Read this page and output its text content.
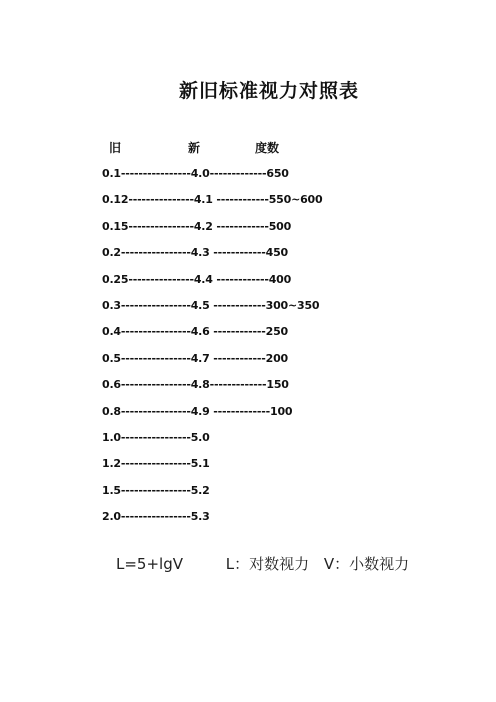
新旧标准视力对照表
旧	新	度数
0.1----------------4.0-------------650
0.12---------------4.1 ------------550~600
0.15---------------4.2 ------------500
0.2----------------4.3 ------------450
0.25---------------4.4 ------------400
0.3----------------4.5 ------------300~350
0.4----------------4.6 ------------250
0.5----------------4.7 ------------200
0.6----------------4.8-------------150
0.8----------------4.9 -------------100
1.0----------------5.0
1.2----------------5.1
1.5----------------5.2
2.0----------------5.3
L=5+lgV	L：对数视力 V：小数视力
